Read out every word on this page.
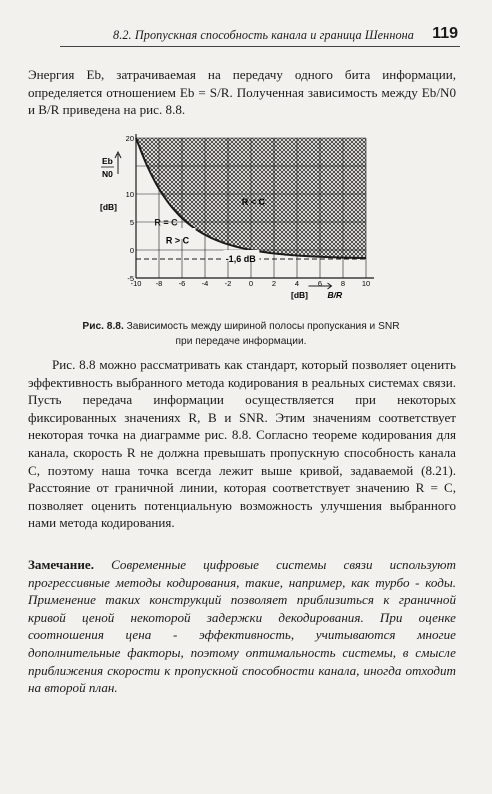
8.2. Пропускная способность канала и граница Шеннона	119

Энергия Eb, затрачиваемая на передачу одного бита информации, определяется отношением Eb = S/R. Полученная зависимость между Eb/N0 и B/R приведена на рис. 8.8.

-10 -8 -6 -4 -2 0	2	4	6	8 10
20
10
5
0
-5
Eb
N0
[dB]
[dB] B/R
R < C
R = C
R > C
-1,6 dB
Рис. 8.8. Зависимость между шириной полосы пропускания и SNR при передаче информации.

Рис. 8.8 можно рассматривать как стандарт, который позволяет оценить эффективность выбранного метода кодирования в реальных системах связи. Пусть передача информации осуществляется при некоторых фиксированных значениях R, B и SNR. Этим значениям соответствует некоторая точка на диаграмме рис. 8.8. Согласно теореме кодирования для канала, скорость R не должна превышать пропускную способность канала C, поэтому наша точка всегда лежит выше кривой, задаваемой (8.21). Расстояние от граничной линии, которая соответствует значению R = C, позволяет оценить потенциальную возможность улучшения выбранного нами метода кодирования.

Замечание. Современные цифровые системы связи используют прогрессивные методы кодирования, такие, например, как турбо - коды. Применение таких конструкций позволяет приблизиться к граничной кривой ценой некоторой задержки декодирования. При оценке соотношения цена - эффективность, учитываются многие дополнительные факторы, поэтому оптимальность системы, в смысле приближения скорости к пропускной способности канала, иногда отходит на второй план.
